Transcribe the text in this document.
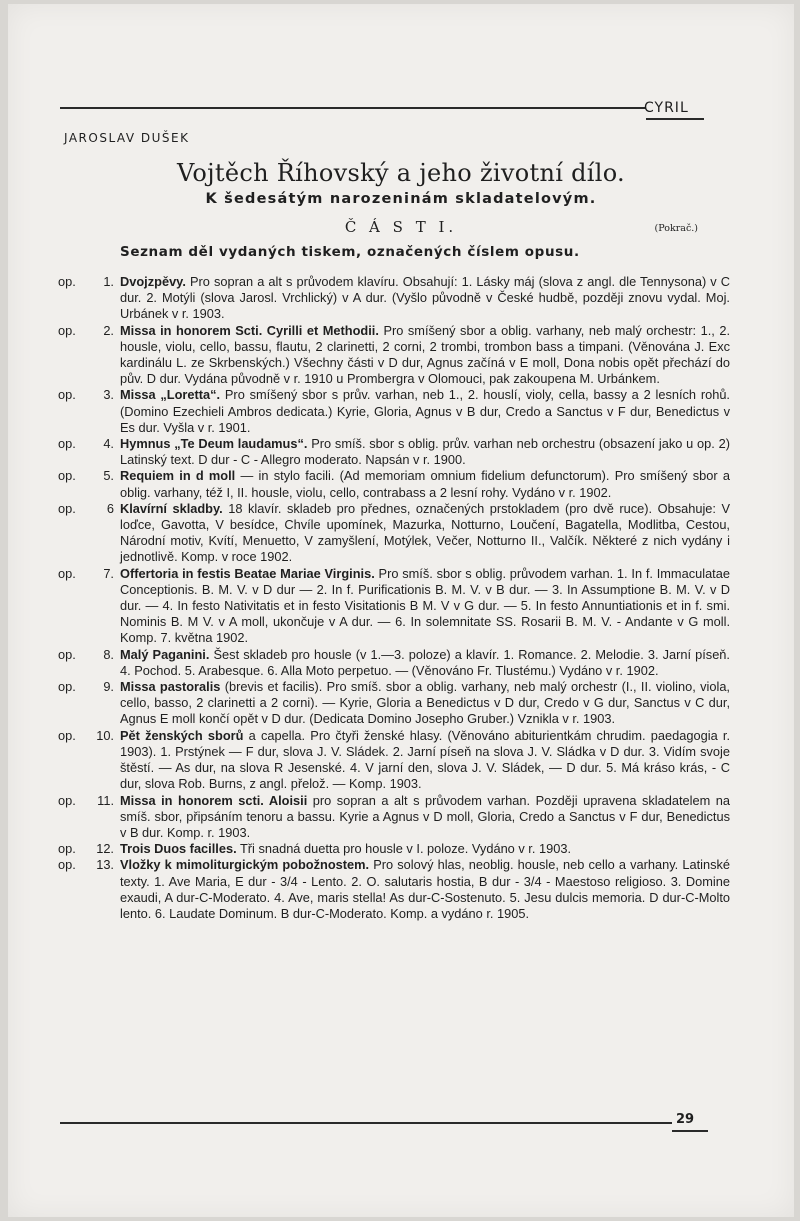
CYRIL
JAROSLAV DUŠEK
Vojtěch Říhovský a jeho životní dílo.
K šedesátým narozeninám skladatelovým.
Č Á S T I.	(Pokrač.)
Seznam děl vydaných tiskem, označených číslem opusu.
op. 1. Dvojzpěvy. Pro sopran a alt s průvodem klavíru. Obsahují: 1. Lásky máj (slova z angl. dle Tennysona) v C dur. 2. Motýli (slova Jarosl. Vrchlický) v A dur. (Vyšlo původně v České hudbě, později znovu vydal. Moj. Urbánek v r. 1903.
op. 2. Missa in honorem Scti. Cyrilli et Methodii. Pro smíšený sbor a oblig. varhany, neb malý orchestr: 1., 2. housle, violu, cello, bassu, flautu, 2 clarinetti, 2 corni, 2 trombi, trombon bass a timpani. (Věnována J. Exc kardinálu L. ze Skrbenských.) Všechny části v D dur, Agnus začíná v E moll, Dona nobis opět přechází do pův. D dur. Vydána původně v r. 1910 u Prombergra v Olomouci, pak zakoupena M. Urbánkem.
op. 3. Missa „Loretta“. Pro smíšený sbor s prův. varhan, neb 1., 2. houslí, violy, cella, bassy a 2 lesních rohů. (Domino Ezechieli Ambros dedicata.) Kyrie, Gloria, Agnus v B dur, Credo a Sanctus v F dur, Benedictus v Es dur. Vyšla v r. 1901.
op. 4. Hymnus „Te Deum laudamus“. Pro smíš. sbor s oblig. prův. varhan neb orchestru (obsazení jako u op. 2) Latinský text. D dur - C - Allegro moderato. Napsán v r. 1900.
op. 5. Requiem in d moll — in stylo facili. (Ad memoriam omnium fidelium defunctorum). Pro smíšený sbor a oblig. varhany, též I, II. housle, violu, cello, contrabass a 2 lesní rohy. Vydáno v r. 1902.
op. 6 Klavírní skladby. 18 klavír. skladeb pro přednes, označených prstokladem (pro dvě ruce). Obsahuje: V loďce, Gavotta, V besídce, Chvíle upomínek, Mazurka, Notturno, Loučení, Bagatella, Modlitba, Cestou, Národní motiv, Kvítí, Menuetto, V zamyšlení, Motýlek, Večer, Notturno II., Valčík. Některé z nich vydány i jednotlivě. Komp. v roce 1902.
op. 7. Offertoria in festis Beatae Mariae Virginis. Pro smíš. sbor s oblig. průvodem varhan. 1. In f. Immaculatae Conceptionis. B. M. V. v D dur — 2. In f. Purificationis B. M. V. v B dur. — 3. In Assumptione B. M. V. v D dur. — 4. In festo Nativitatis et in festo Visitationis B M. V v G dur. — 5. In festo Annuntiationis et in f. smi. Nominis B. M V. v A moll, ukončuje v A dur. — 6. In solemnitate SS. Rosarii B. M. V. - Andante v G moll. Komp. 7. května 1902.
op. 8. Malý Paganini. Šest skladeb pro housle (v 1.—3. poloze) a klavír. 1. Romance. 2. Melodie. 3. Jarní píseň. 4. Pochod. 5. Arabesque. 6. Alla Moto perpetuo. — (Věnováno Fr. Tlustému.) Vydáno v r. 1902.
op. 9. Missa pastoralis (brevis et facilis). Pro smíš. sbor a oblig. varhany, neb malý orchestr (I., II. violino, viola, cello, basso, 2 clarinetti a 2 corni). — Kyrie, Gloria a Benedictus v D dur, Credo v G dur, Sanctus v C dur, Agnus E moll končí opět v D dur. (Dedicata Domino Josepho Gruber.) Vznikla v r. 1903.
op. 10. Pět ženských sborů a capella. Pro čtyři ženské hlasy. (Věnováno abiturientkám chrudim. paedagogia r. 1903). 1. Prstýnek — F dur, slova J. V. Sládek. 2. Jarní píseň na slova J. V. Sládka v D dur. 3. Vidím svoje štěstí. — As dur, na slova R Jesenské. 4. V jarní den, slova J. V. Sládek, — D dur. 5. Má kráso krás, - C dur, slova Rob. Burns, z angl. přelož. — Komp. 1903.
op. 11. Missa in honorem scti. Aloisii pro sopran a alt s průvodem varhan. Později upravena skladatelem na smíš. sbor, připsáním tenoru a bassu. Kyrie a Agnus v D moll, Gloria, Credo a Sanctus v F dur, Benedictus v B dur. Komp. r. 1903.
op. 12. Trois Duos facilles. Tři snadná duetta pro housle v I. poloze. Vydáno v r. 1903.
op. 13. Vložky k mimoliturgickým pobožnostem. Pro solový hlas, neoblig. housle, neb cello a varhany. Latinské texty. 1. Ave Maria, E dur - 3/4 - Lento. 2. O. salutaris hostia, B dur - 3/4 - Maestoso religioso. 3. Domine exaudi, A dur-C-Moderato. 4. Ave, maris stella! As dur-C-Sostenuto. 5. Jesu dulcis memoria. D dur-C-Molto lento. 6. Laudate Dominum. B dur-C-Moderato. Komp. a vydáno r. 1905.
29
